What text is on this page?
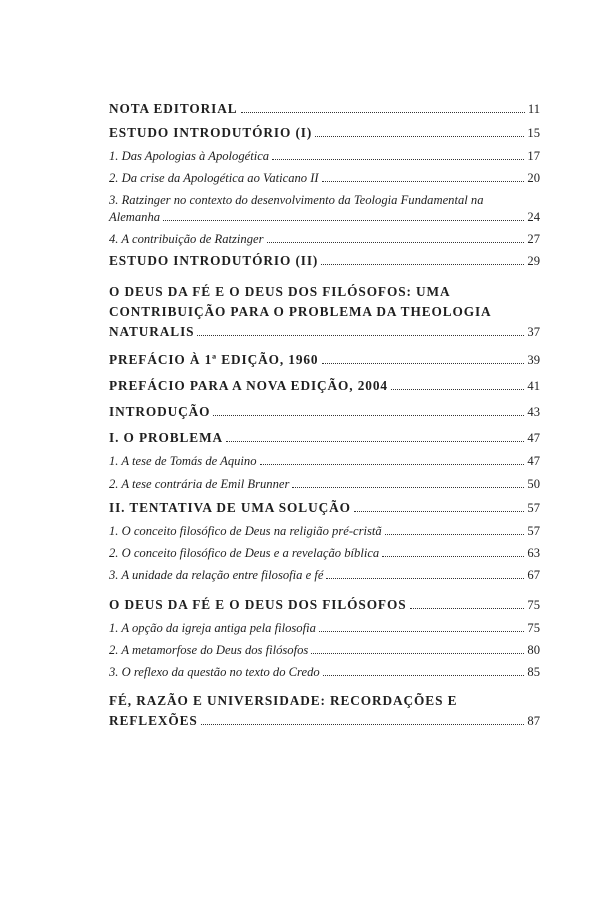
NOTA EDITORIAL	11
ESTUDO INTRODUTÓRIO (I)	15
1. Das Apologias à Apologética	17
2. Da crise da Apologética ao Vaticano II	20
3. Ratzinger no contexto do desenvolvimento da Teologia Fundamental na
Alemanha	24
4. A contribuição de Ratzinger	27
ESTUDO INTRODUTÓRIO (II)	29
O DEUS DA FÉ E O DEUS DOS FILÓSOFOS: UMA
CONTRIBUIÇÃO PARA O PROBLEMA DA THEOLOGIA
NATURALIS	37
PREFÁCIO À 1ª EDIÇÃO, 1960	39
PREFÁCIO PARA A NOVA EDIÇÃO, 2004	41
INTRODUÇÃO	43
I. O PROBLEMA	47
1. A tese de Tomás de Aquino	47
2. A tese contrária de Emil Brunner	50
II. TENTATIVA DE UMA SOLUÇÃO	57
1. O conceito filosófico de Deus na religião pré-cristã	57
2. O conceito filosófico de Deus e a revelação bíblica	63
3. A unidade da relação entre filosofia e fé	67
O DEUS DA FÉ E O DEUS DOS FILÓSOFOS	75
1. A opção da igreja antiga pela filosofia	75
2. A metamorfose do Deus dos filósofos	80
3. O reflexo da questão no texto do Credo	85
FÉ, RAZÃO E UNIVERSIDADE: RECORDAÇÕES E
REFLEXÕES	87
